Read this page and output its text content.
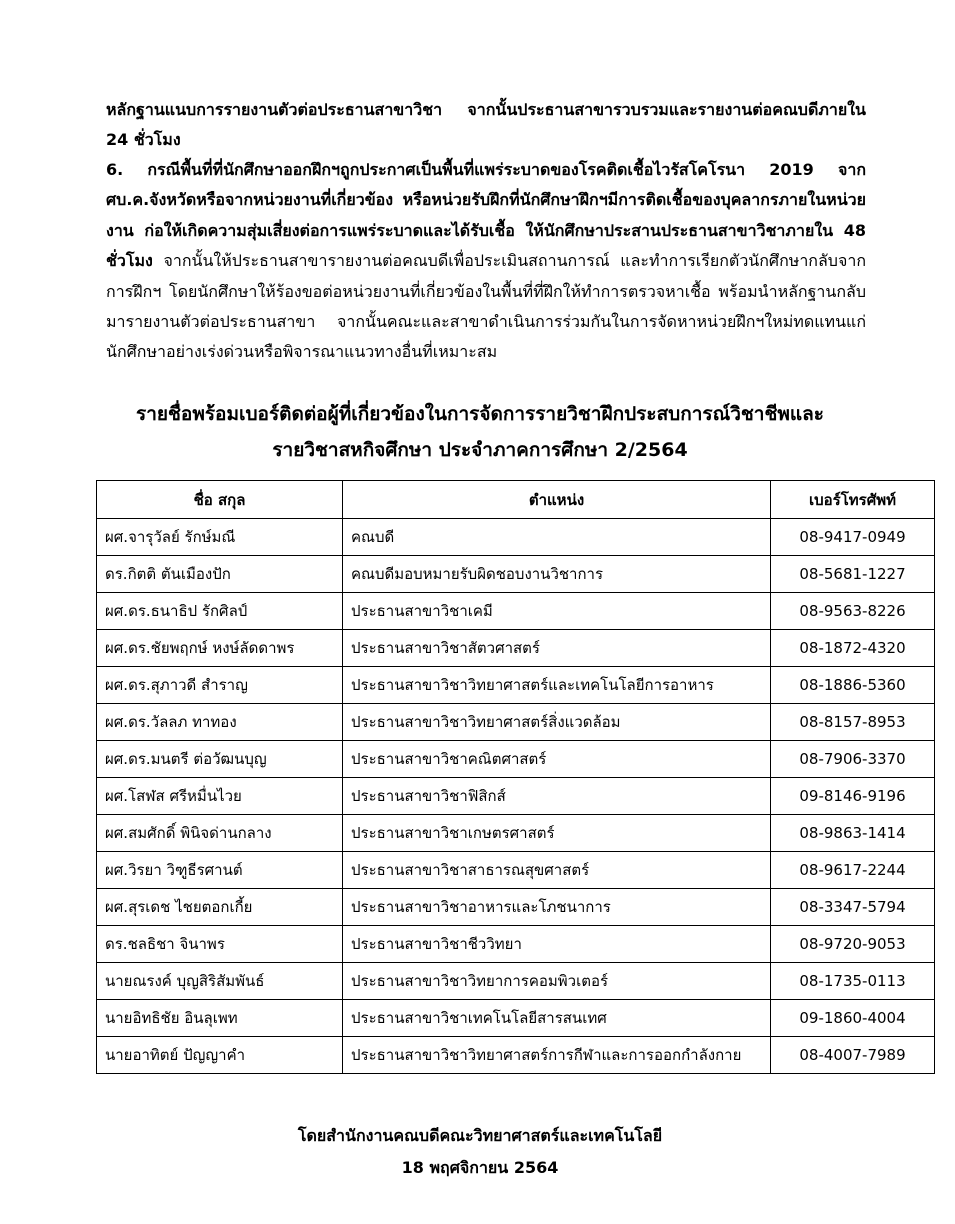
หลักฐานแนบการรายงานตัวต่อประธานสาขาวิชา จากนั้นประธานสาขารวบรวมและรายงานต่อคณบดีภายใน 24 ชั่วโมง

6. กรณีพื้นที่ที่นักศึกษาออกฝึกฯถูกประกาศเป็นพื้นที่แพร่ระบาดของโรคติดเชื้อไวรัสโคโรนา 2019 จาก ศบ.ค.จังหวัดหรือจากหน่วยงานที่เกี่ยวข้อง หรือหน่วยรับฝึกที่นักศึกษาฝึกฯมีการติดเชื้อของบุคลากรภายในหน่วยงาน ก่อให้เกิดความสุ่มเสี่ยงต่อการแพร่ระบาดและได้รับเชื้อ ให้นักศึกษาประสานประธานสาขาวิชาภายใน 48 ชั่วโมง จากนั้นให้ประธานสาขารายงานต่อคณบดีเพื่อประเมินสถานการณ์ และทำการเรียกตัวนักศึกษากลับจากการฝึกฯ โดยนักศึกษาให้ร้องขอต่อหน่วยงานที่เกี่ยวข้องในพื้นที่ที่ฝึกให้ทำการตรวจหาเชื้อ พร้อมนำหลักฐานกลับมารายงานตัวต่อประธานสาขา จากนั้นคณะและสาขาดำเนินการร่วมกันในการจัดหาหน่วยฝึกฯใหม่ทดแทนแก่นักศึกษาอย่างเร่งด่วนหรือพิจารณาแนวทางอื่นที่เหมาะสม

รายชื่อพร้อมเบอร์ติดต่อผู้ที่เกี่ยวข้องในการจัดการรายวิชาฝึกประสบการณ์วิชาชีพและ
รายวิชาสหกิจศึกษา ประจำภาคการศึกษา 2/2564
ชื่อ สกุล	ตำแหน่ง	เบอร์โทรศัพท์
ผศ.จารุวัลย์ รักษ์มณี	คณบดี	08-9417-0949
ดร.กิตติ ตันเมืองปัก	คณบดีมอบหมายรับผิดชอบงานวิชาการ	08-5681-1227
ผศ.ดร.ธนาธิป รักศิลป์	ประธานสาขาวิชาเคมี	08-9563-8226
ผศ.ดร.ชัยพฤกษ์ หงษ์ลัดดาพร	ประธานสาขาวิชาสัตวศาสตร์	08-1872-4320
ผศ.ดร.สุภาวดี สำราญ	ประธานสาขาวิชาวิทยาศาสตร์และเทคโนโลยีการอาหาร	08-1886-5360
ผศ.ดร.วัลลภ ทาทอง	ประธานสาขาวิชาวิทยาศาสตร์สิ่งแวดล้อม	08-8157-8953
ผศ.ดร.มนตรี ต่อวัฒนบุญ	ประธานสาขาวิชาคณิตศาสตร์	08-7906-3370
ผศ.โสฬส ศรีหมื่นไวย	ประธานสาขาวิชาฟิสิกส์	09-8146-9196
ผศ.สมศักดิ์ พินิจด่านกลาง	ประธานสาขาวิชาเกษตรศาสตร์	08-9863-1414
ผศ.วิรยา วิฑูธีรศานต์	ประธานสาขาวิชาสาธารณสุขศาสตร์	08-9617-2244
ผศ.สุรเดช ไชยตอกเกี้ย	ประธานสาขาวิชาอาหารและโภชนาการ	08-3347-5794
ดร.ชลธิชา จินาพร	ประธานสาขาวิชาชีววิทยา	08-9720-9053
นายณรงค์ บุญสิริสัมพันธ์	ประธานสาขาวิชาวิทยาการคอมพิวเตอร์	08-1735-0113
นายอิทธิชัย อินลุเพท	ประธานสาขาวิชาเทคโนโลยีสารสนเทศ	09-1860-4004
นายอาทิตย์ ปัญญาคำ	ประธานสาขาวิชาวิทยาศาสตร์การกีฬาและการออกกำลังกาย	08-4007-7989

โดยสำนักงานคณบดีคณะวิทยาศาสตร์และเทคโนโลยี
18 พฤศจิกายน 2564
